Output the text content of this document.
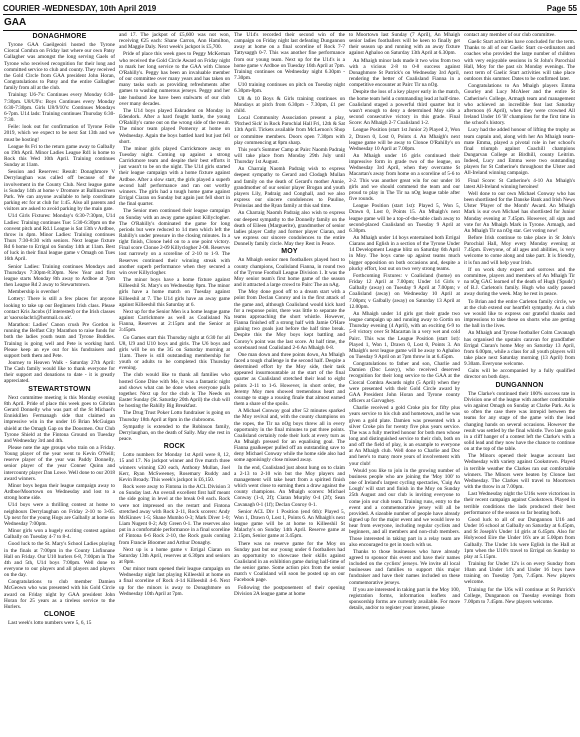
COURIER -WEDNESDAY, 10th April 2019	Page 55
GAA
DONAGHMORE

Tyrone GAA Gaeilgeoiri hosted the Tyrone Ciorcal Comhra on Friday last where our own Patsy Gallagher was amongst the long serving Gaels of Tyrone who received recognition for their long and committed service to club and county. They received the Gold Circle from GAA president John Horan, Congratulations to Patsy and the entire Gallagher family from all at the club.

Training: U6-7's: Continues every Monday 6:30-7:30pm. U8/U9's: Boys Continues every Monday 6:30-7:30pm. Girls U8/9/10's: Continues Mondays 6-7pm. U14 lads: Training continues Thursday 6:30-7:30.

Feile: look out for confirmation of Tyrone Feile 2019, which we expect to be next Sat 13th and we must be hosting!

League 8s Fri to the return game away to Galbally on 19th April. Minor Ladies League Rd1 is home to Rock this Wed 10th April. Training continues Sunday at 11am.

Session and Reserves: Result: Donaghmore V Derrylaughan was called off because of the involvement in the County Club. Next league game is Sunday 14th at home v Dromore at Ballinascreen Park. We can anyone available to help coordinate parking etc for at club for 1:45. Also all parents and visitors are asked to avoid parking by the main gate.

U14 Girls Fixtures: Monday's 6:30-7:30pm, U14 Ladies: Training continues Tue: 5:30-6:30pm on the convent pitch and Rd.1 League is Sat 13th v Ardboe, throw in 4pm. Minor Ladies: Training continues Thurs 7:30-8:30 with seniors. Next league fixture Rd 6 home to Errigal on Sunday 14th at 11am. Best of luck in their final league game v Omagh on Tues 16th April.

Senior Ladies: Training continues Mondays and Thursdays 7:30pm-8:30pm. New Year and first league starts Monday 8th away to Ardboe at 7pm then League Rd 2 away to Stewartstown.

Membership is overdue!

Lottery: There is still a few places for anyone looking to take up our Beginners Irish class. Please contact Kris Jacobs (if interested) or the Irish classes at 'saorsolacht1@hotmail.co.uk'.

Marathon: Ladies' Canon crush Pre Gordon is running the Belfast City Marathon to raise funds for both the ladies youth team and Tyrone Buddies. Training is going well and Pete is working hard. Please keep an eye out for his fundraisers and support both them and Pete.

Journey to Heaven Walk - Saturday 27th April: The Cash family would like to thank everyone for their support and donations to date - it is greatly appreciated.

STEWARTSTOWN

Next committee meeting is this Monday evening 8th April. Pride of place this week goes to Gibrian Gerard Donnelly who was part of the St Michael's Enniskillen Fermanagh side that claimed an impressive win in the under 16 Brian McGuigan shield at the Omagh Gap on the Doosmen. Our Club Tyrone Shield at the Fintona Ground on Tuesday and Wednesday 3rd and 4th.

Please note the age groups who train on a Friday. Young player of the year went to Kevin O'Neill; reserve player of the year was Paddy Donnelly, senior player of the year Conner Quinn and intercounty player Dan Lowe. Well done to our 2018 award winners.

Minor boys began their league campaign away to Ardboe/Moortown on Wednesday and lost to a strong home side.

U14 boys were a thrilling contest at home to neighbours Derrylaughan on Friday 2-10 to 3-05. Up next for the young Hogs are Galbally at home on Wednesday 7:00pm.

Minor girls won a hugely exciting contest against Galbally on Tuesday 4-7 to 8-4.

Good luck to the St. Mary's School Ladies playing in the finals at 7:00pm in the County Lisfinnane Hall on Friday. Our U10 hurlers 6-8, 7:00pm in The 4th and 5th, U14 boys 7:00pm. Well done to everyone to our players and all players and players on the day.

Congratulations to club member Damien McGeown who was presented with his Gold Circle award on Friday night by GAA president John Horan for 25 years as a tireless service to the Hurlers.

CLONOE

Last week's lotto numbers were 5, 6, 15

and 17. The jackpot of £5,600 was not won, receiving €25 each: Shane Carron, Ann Hamilton, and Maggie Daly. Next week's jackpot is £5,700.

Pride of place this week goes to Peggy McKernan who received the Gold Circle Award on Friday night to mark her long service to the GAA with Clonoe O'Rahilly's. Peggy has been an invaluable member of our committee over many years and has taken on many tasks such as providing refreshments after games to washing numerous jerseys. Peggy and her late husband Joe have been stalwarts of our club over many decades.

The U14 boys played Eskradent on Monday in Edendork. After a hard fought battle, the young O'Rahilly's came out on the wrong side of the result. The minor team played Pomeroy at home on Wednesday. Again the boys battled hard but just fell short.

The minor girls played Carrickmore away on Tuesday night. Coming up against a strong Carrickmore team and despite their best efforts it just wasn't to be on the night. The U14 girls started their league campaign with a home fixture against Ardboe. After a slow start, the girls played a superb second half performance and ran out worthy winners. The girls had a tough home game against Errigal Ciaran on Sunday but again just fell short in the final quarter.

The Senior men continued their league campaign on Sunday with an away game against Killyclogher. The O'Rahilly's dominated the game for long periods but were reduced to 14 men which left the Rahilly's under pressure in the closing minutes. In a tight finish, Clonoe held on to a one point victory. Final score Clonoe 2-09 Killyclogher 2-08. Reserves lost narrowly on a scoreline of 2-10 to 1-9. The Reserves continued their winning streak with another superb performance when they secured a win over Killyclogher.

The minor boys have a home fixture against Killeeshil St. Mary's on Wednesday 8pm. The minor girls have a home match on Tuesday against Killeeshil at 7. The U14 girls have an away game against Killeeshil this Saturday at 6.

Next up for the Senior Men is a home league game against Carrickmore as well as Coalisland Na Fianna, Reserves at 2:15pm and the Senior at 3:45pm.

Go Games start this Thursday night at 6:30 for all U8, U9 and U10 boys and girls. The U6 boys and girls will be on the 3G on Saturday morning at 11am. There is still outstanding membership for youth or adults to be completed this Thursday evening.

The club would like to thank all families who hosted Gone Dine with Me, it was a fantastic night and shows what can be done when everyone pulls together. Next up for the club is The Needs on Easter Sunday (St. Saturday 20th April) the club will be hosting the Rahilly Big Breakfast.

The Drug Trust Poker Lotto fundraiser is going on Thursday 18th April at 8pm in the clubrooms.

Sympathy is extended to the Robinson family, Derrylaughan, on the death of Sally. May she rest in peace.

ROCK

Lotto numbers for Monday 1st April were 8, 12, 15 and 17. No jackpot winner and five match three winners winning £20 each, Anthony Mullan, Joel Kerr, Ryan McSweeney, Rosemary Ruddy and Kevin Broady. This week's jackpot is £6,150.

Rock were away to Fintona in the ACL Division 3 on Sunday last. An overall excellent first half meant the side going in level at the break 0-8 each. Rock were not impressed on the restart and Fintona stretched away with Rock 2-11, Rock scorers: Andy McKinnev 1-5; Shane Mumbo 0-3; Mark Diver 1-0; Liam Nugent 0-2; Ady Green 0-1. The reserves also put in a comfortable performance in a final scoreline of Fintona 6-6 Rock 2-10, the Rock goals coming from Francie Bloomer and Arthur Donaghy.

Next up is a home game v Errigal Ciaran on Saturday 13th April, reserves at 6.30pm and seniors at 8pm.

Our minor team opened their league campaign on Wednesday night last playing Killeeshil at home on a final scoreline of Rock 4-14 Killeeshil 4-6. Next up for the minors is away to Donaghmore on Wednesday 10th April at 7pm.

The U14's recorded their second win of the campaign on Friday night last defeating Dungannon away at home on a final scoreline of Rock 7-7 Tattysaggh 0-7. This was another fine performance from our young team. Next up for the U14's is a home game v Ardboe on Tuesday 16th April at 7pm. Training continues on Wednesday night 6.30pm - 7.30pm.

U10 training continues on pitch on Tuesday night 6.30pm-8pm.

U8 & 10 Boys & Girls training continues on Mondays at pitch from 6.30pm - 7.30pm, £1 per child.

Local Community Association present a play, 'Pitched Sick' in Rock Parochial Hall Fri, 12th & Sat 13th April. Tickets available from McLernon's Shop or committee members. Doors open 7.30pm with play commencing at 8pm sharp.

This year's Summer Camp at Pairc Naomh Padraig will take place from Monday 29th July until Thursday 1st August.

An Charraig Naomh Padraig wish to express deepest sympathy to Gerard and Clodagh Mullan and family on the death of Gerard's mother Annie, grandmother of our senior player Brogan and youth players Lily, Padraig and Conghall, and we also express our sincere condolences to Pauline, Proinsias and the Ryan family at this sad time.

An Charraig Naomh Padraig also wish to express our deepest sympathy to the Donnelly family on the death of Eileen (Marguerite), grandmother of senior ladies player Cathy and former player Ciaran, and we express our sincere condolences to the entire Donnelly family circle. May they Rest in Peace.

MOY

An Mhaigh senior men footballers played host to county champions, Coalisland Fianna, in round two of the Tyrone Football League Division 1. It was the Moy senior team's first home game of the season and it attracted a large crowd to Pairc The an nAg.

The Moy done good off to a dream start with a point from Declan Conroy and in the first attack of the game and, although Coalisland would kick hard for a response point, there was little to separate the teams approaching the short whistle. However, Fianna finished off a strong half with Jamie O'Hare gaining two goals just before the half time break. Despite this the Moy boys kept battling and Conroy's point was the last score. At half time, the scoreboard read Coalisland 2-6 An Mhaigh 0-8.

One man down and three points down, An Mhaigh faced a tough challenge in the second half. Despite a determined effort by the Moy side, their task appeared insurmountable at the start of the final quarter as Coalisland stretched their lead to eight points 2-11 to 1-6. However, in short order, the Jeremy Moy men showed tremendous heart and courage to stage a rousing finale that almost earned them a share of the spoils.

A Michael Conway goal after 52 minutes sparked the Moy revival and, with the county champions on the ropes, the Tir na nOg boys threw all in every opportunity in the final minutes to put three points. Coalisland certainly rode their luck at every turn as An Mhaigh pressed for an equalising goal. The Fianna goalkeeper pulled off an outstanding save to deny Michael Conway while the home side also had some agonisingly close missed away.

In the end, Coalisland just about hung on to claim a 2-13 to 2-10 win but the Moy players and management will take heart from a spirited finish which went close to earning them a draw against the county champions. An Mhaigh scorers: Michael Conway (1-4, 2f); Ciaran Murphy 0-4 (2f); Sean Cavanagh 0-1 (1f); Declan Conroy 0-1.

Senior ACL Div 1 Position (end 6th): Played 5, Won 1, Drawn 0, Lost 1, Points 6. An Mhaigh's next league game will be at home to Killeeshil St Malachy's on Sunday 14th April. Reserve game at 2.15pm, Senior game at 3.45pm.

There was no reserve game for the Moy on Sunday past but our young under 6 footballers had an opportunity to showcase their skills against Coalisland in an exhibition game during half-time of the senior game. Some action pics from the senior match v Coalisland will soon be posted up on our Facebook page.

Following the postponement of their opening Division 2A league game at home

to Moortown last Sunday (7 April), An Mhaigh senior ladies footballers will be keen to finally get their season up and running with an away fixture against Aghaloo on Saturday 13th April at 6.30pm.

An Mhaigh minor lads made it two wins from two with a vicious 2-8 to 0-8 success against Donaghmore St Patrick's on Wednesday 3rd April, rendering the better of Coalisland Fianna in a competitive encounter at Pairc Tir na nOg.

Despite the loss of a key player early in the match, the home team held a commanding lead at half-time. Coalisland staged a powerful third quarter but it wasn't enough to deny a determined Moy side a second consecutive victory in this grade. Final Score: An Mhaigh 2-7 Coalisland 1-2.

League Position (start 1st Junior 2) Played 2, Won 2, Drawn 0, Lost 0, Points 4. An Mhaigh's next league game will be away to Clonoe O'Rahilly's on Wednesday 10 April at 7.00pm.

An Mhaigh under 16 girls continued their impressive form in grade two of the league, on Wednesday 3rd April, when they overcame St Macartan's away from home on a scoreline of 5-6 to 2-2. This was another great win for our under 16 girls and we should commend the team and our proud to play in The Tir na nOg league table after five rounds.

League Position (start 1st): Played 5, Won 5, Drawn 0, Lost 0, Points 15. An Mhaigh's next league game will be a top-of-the-table clash away to second-placed Coalisland on Tuesday 9 April at 6.30pm.

An Mhaigh under 14 boys entertained both Errigal Ciarans and Eglish in a section of the Tyrone Under 14 Development League blitz on Saturday 6th April in Moy. The boys came up against teams much bigger opposition on both occasions and, despite a plucky effort, lost out on two very strong teams.

Forthcoming Fixtures: v Coalisland (home) on Friday 12 April at 7.00pm; Under 14 Girls v Galbally (away) on Tuesday 9 April at 7.00pm; v Coalisland (away) on Wednesday 10 April at 7.00pm; v Galbally (away) on Saturday 13 April at 12.00pm.

An Mhaigh under 14 girls got their grade two league campaign up and running away to Gortin on Thursday evening (4 April), with an exciting 6-9 to 5-8 victory over St Macartan in a very wet and cold Pairc. This was the League Position (start 1st): Played 1, Won 1, Drawn 0, Lost 0, Points 3. An Mhaigh's next league game will be away to Aghaloo on Tuesday 9 April on at 7pm throw in at 6.45pm.

Congratulations to father and son, Charlie and Damien (Doc Leavy), who received deserved recognition for their long service to the GAA at the Ciorcal Comhra Awards night (5 April) when they were presented with their Gold Circle award by GAA President John Horan and Tyrone county officers at Garvaghey.

Charlie received a gold Croke pin for fifty plus years service to his club and hometown, and he was given a gold plate. Damien was presented with a silver Croke pin for twenty five plus years service. The was a fully merited honour for both men whose long and distinguished service to their club, both on and off the field of play, is an example to everyone at An Mhaigh club. Well done to Charlie and Doc and here's to many more years of involvement with your club!

Would you like to join in the growing number of business people who are joining the 'Moy 100' to one of Ireland's largest cycling spectacles, 'Cuig An Lough' will start and finish in the Moy on Sunday 25th August and our club is inviting everyone to come join our club team. Training runs, entry to the event and a commemorative jersey will all be provided. A sizeable number of people have already signed up for the major event and we would love to hear from everyone, including regular cyclists and beginners, and all members and non-club members. Those interested in taking part in a relay team are also encouraged to get in touch with us.

Thanks to those businesses who have already agreed to sponsor this event and have their names included on the cyclists' jerseys. We invite all local businesses and families to support this major fundraiser and have their names included on these commemorative jerseys.

If you are interested in taking part in the Moy 100, registration forms, information leaflets and sponsorship forms are currently available. For more details, and/or to register your interest, please

contact any member of our club committee.

Gaelic Start activities have concluded for the term. Thanks to all of our Gaelic Start co-ordinators and coaches who provided the large number of children with very enjoyable sessions in St John's Parochial Hall, Moy for the past six Monday evenings. The next term of Gaelic Start activities will take place outdoors this summer. Dates to be confirmed later.

Congratulations to An Mhaigh players Emma Gourley and Lucy McAleer and the entire St Catherine's College, Armagh team and management who achieved an incredible feat last Saturday afternoon (6 April), when they were crowned All Ireland Under 16 'B' champions for the first time in the school's history.

Lucy had the added honour of lifting the trophy as team captain and, along with her An Mhaigh team-mate Emma, played a pivotal role in her school's final triumph against Coachill champions Dungarvan College at Birdhill, county Leitrim. Indeed, Lucy and Emma were two outstanding players for St Catherine's throughout the Ulster and All-Ireland winning campaign.

Final Score: St Catherine's 4-10 An Mhaigh's latest All-Ireland winning heroines!

Well done to our own Michael Conway who has been shortlisted for the Danske Bank and Irish News Ulster 'Player of the Month' Award. An Mhaigh Mark is our own Michael has shortlisted for Junior Monday evening at 7.45pm. However, all sign and vote for An Mhaigh Mark in Tyrone. Armagh, and An Mhaigh Tir na nOg star. Get voting now!

Before Irish continue to take place in St John's Parochial Hall, Moy every Monday evening at 7.45pm. Everyone, of all ages and abilities, is very welcome to come along and take part. It is friendly, it is fun and will help your Irish.

If on work duty expect and sorrows and the committee, players and members of An Mhaigh Tir na nOg GAC learned of the death of Hugh ('Spuds') of B.J. Carleton's family. Hugh who sadly passed away during the week. May he rest in peace.

To Brian and the entire Carleton family circle, we at the club extend our heartfelt sympathy. As a club we would like to express our grateful thanks and impressions to take these on shorts who are getting the ball in the lives.

An Mhaigh and Tyrone footballer Colm Cavanagh has organised the upstairs caravan for grandfather Errigal Ciaran's home Moy on Saturday 13 April, from 6.00pm, while a class for all youth players will take place next Saturday morning (13 April) from 9.30am. Everyone welcome.

Gaits will be accompanied by a fully qualified director on both days.

DUNGANNON

The Clarke's continued their 100% success rate in Division one of the league with another comfortable win against Omagh on Sunday at Clarke Park. As is so often the case there was intrepid between the teams for any stage of the game with the lead changing hands on several occasions. However the result was settled by the final whistle. Two late goals in a cliff hanger of a contest left the Clarke's with a solid lead and they now have the chance to continue on at the top of the table.

The Minors opened their league account last Wednesday with variety against Cookstown. Played in terrible weather the Clarkes ran out comfortable winners. The Minors were beaten by Clonoe last Wednesday. The Clarkes will travel to Moortown with the throw in at 7.00pm.

Last Wednesday night the U16s were victorious in their recent campaign against Cookstown. Played in terrible conditions the lads produced their best performance of the season so far beating both.

Good luck to all of our Dungannon U16 and Under 16 school at Galbally on Saturday at 6.45pm, and St Joseph's Under 14 girls at 6.45pm. Also for Holywood Eire the Under 16's are at 5.00pm from Galbally. The Under 14s were Eglish in the Hall at 1pm when the U10's travel to Errigal on Sunday to play at 5.15pm.

Training for Under 12's is on every Sunday from 10am and Under 14's and Under 16 boys have training on Tuesday 7pm, 7.45pm. New players welcome.

Training for the U6s will continue at St Patrick's College, Dungannon on Tuesday evenings from 7.00pm to 7.45pm. New players welcome.
